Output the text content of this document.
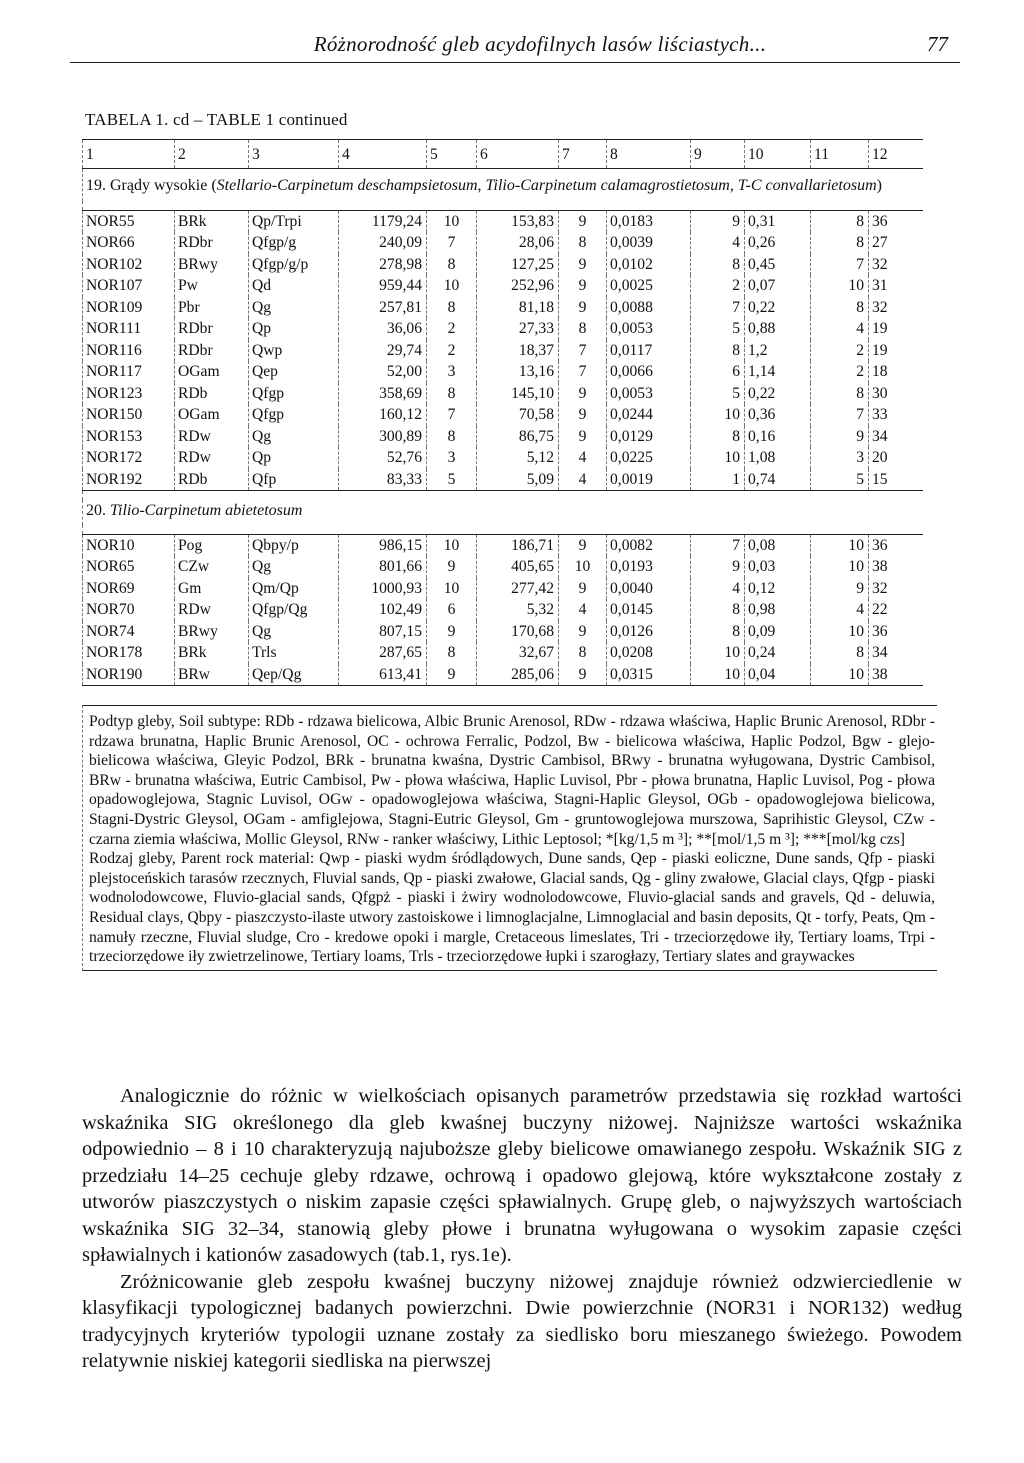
Różnorodność gleb acydofilnych lasów liściastych...	77
TABELA 1. cd – TABLE 1 continued
1	2	3	4	5	6	7	8	9	10	11	12
19. Grądy wysokie (Stellario-Carpinetum deschampsietosum, Tilio-Carpinetum calamagrostietosum, T-C convallarietosum)											

NOR55	BRk	Qp/Trpi	1179,24	10	153,83	9	0,0183	9	0,31	8	36
NOR66	RDbr	Qfgp/g	240,09	7	28,06	8	0,0039	4	0,26	8	27
NOR102	BRwy	Qfgp/g/p	278,98	8	127,25	9	0,0102	8	0,45	7	32
NOR107	Pw	Qd	959,44	10	252,96	9	0,0025	2	0,07	10	31
NOR109	Pbr	Qg	257,81	8	81,18	9	0,0088	7	0,22	8	32
NOR111	RDbr	Qp	36,06	2	27,33	8	0,0053	5	0,88	4	19
NOR116	RDbr	Qwp	29,74	2	18,37	7	0,0117	8	1,2	2	19
NOR117	OGam	Qep	52,00	3	13,16	7	0,0066	6	1,14	2	18
NOR123	RDb	Qfgp	358,69	8	145,10	9	0,0053	5	0,22	8	30
NOR150	OGam	Qfgp	160,12	7	70,58	9	0,0244	10	0,36	7	33
NOR153	RDw	Qg	300,89	8	86,75	9	0,0129	8	0,16	9	34
NOR172	RDw	Qp	52,76	3	5,12	4	0,0225	10	1,08	3	20
NOR192	RDb	Qfp	83,33	5	5,09	4	0,0019	1	0,74	5	15

20. Tilio-Carpinetum abietetosum											

NOR10	Pog	Qbpy/p	986,15	10	186,71	9	0,0082	7	0,08	10	36
NOR65	CZw	Qg	801,66	9	405,65	10	0,0193	9	0,03	10	38
NOR69	Gm	Qm/Qp	1000,93	10	277,42	9	0,0040	4	0,12	9	32
NOR70	RDw	Qfgp/Qg	102,49	6	5,32	4	0,0145	8	0,98	4	22
NOR74	BRwy	Qg	807,15	9	170,68	9	0,0126	8	0,09	10	36
NOR178	BRk	Trls	287,65	8	32,67	8	0,0208	10	0,24	8	34
NOR190	BRw	Qep/Qg	613,41	9	285,06	9	0,0315	10	0,04	10	38

Podtyp gleby, Soil subtype: RDb - rdzawa bielicowa, Albic Brunic Arenosol, RDw - rdzawa właściwa, Haplic Brunic Arenosol, RDbr - rdzawa brunatna, Haplic Brunic Arenosol, OC - ochrowa Ferralic, Podzol, Bw - bielicowa właściwa, Haplic Podzol, Bgw - glejo-bielicowa właściwa, Gleyic Podzol, BRk - brunatna kwaśna, Dystric Cambisol, BRwy - brunatna wyługowana, Dystric Cambisol, BRw - brunatna właściwa, Eutric Cambisol, Pw - płowa właściwa, Haplic Luvisol, Pbr - płowa brunatna, Haplic Luvisol, Pog - płowa opadowoglejowa, Stagnic Luvisol, OGw - opadowoglejowa właściwa, Stagni-Haplic Gleysol, OGb - opadowoglejowa bielicowa, Stagni-Dystric Gleysol, OGam - amfiglejowa, Stagni-Eutric Gleysol, Gm - gruntowoglejowa murszowa, Saprihistic Gleysol, CZw - czarna ziemia właściwa, Mollic Gleysol, RNw - ranker właściwy, Lithic Leptosol; *[kg/1,5 m ³]; **[mol/1,5 m ³]; ***[mol/kg czs]

Rodzaj gleby, Parent rock material: Qwp - piaski wydm śródlądowych, Dune sands, Qep - piaski eoliczne, Dune sands, Qfp - piaski plejstoceńskich tarasów rzecznych, Fluvial sands, Qp - piaski zwałowe, Glacial sands, Qg - gliny zwałowe, Glacial clays, Qfgp - piaski wodnolodowcowe, Fluvio-glacial sands, Qfgpż - piaski i żwiry wodnolodowcowe, Fluvio-glacial sands and gravels, Qd - deluwia, Residual clays, Qbpy - piaszczysto-ilaste utwory zastoiskowe i limnoglacjalne, Limnoglacial and basin deposits, Qt - torfy, Peats, Qm - namuły rzeczne, Fluvial sludge, Cro - kredowe opoki i margle, Cretaceous limeslates, Tri - trzeciorzędowe iły, Tertiary loams, Trpi - trzeciorzędowe iły zwietrzelinowe, Tertiary loams, Trls - trzeciorzędowe łupki i szarogłazy, Tertiary slates and graywackes

Analogicznie do różnic w wielkościach opisanych parametrów przedstawia się rozkład wartości wskaźnika SIG określonego dla gleb kwaśnej buczyny niżowej. Najniższe wartości wskaźnika odpowiednio – 8 i 10 charakteryzują najuboższe gleby bielicowe omawianego zespołu. Wskaźnik SIG z przedziału 14–25 cechuje gleby rdzawe, ochrową i opadowo glejową, które wykształcone zostały z utworów piaszczystych o niskim zapasie części spławialnych. Grupę gleb, o najwyższych wartościach wskaźnika SIG 32–34, stanowią gleby płowe i brunatna wyługowana o wysokim zapasie części spławialnych i kationów zasadowych (tab.1, rys.1e).

Zróżnicowanie gleb zespołu kwaśnej buczyny niżowej znajduje również odzwierciedlenie w klasyfikacji typologicznej badanych powierzchni. Dwie powierzchnie (NOR31 i NOR132) według tradycyjnych kryteriów typologii uznane zostały za siedlisko boru mieszanego świeżego. Powodem relatywnie niskiej kategorii siedliska na pierwszej
